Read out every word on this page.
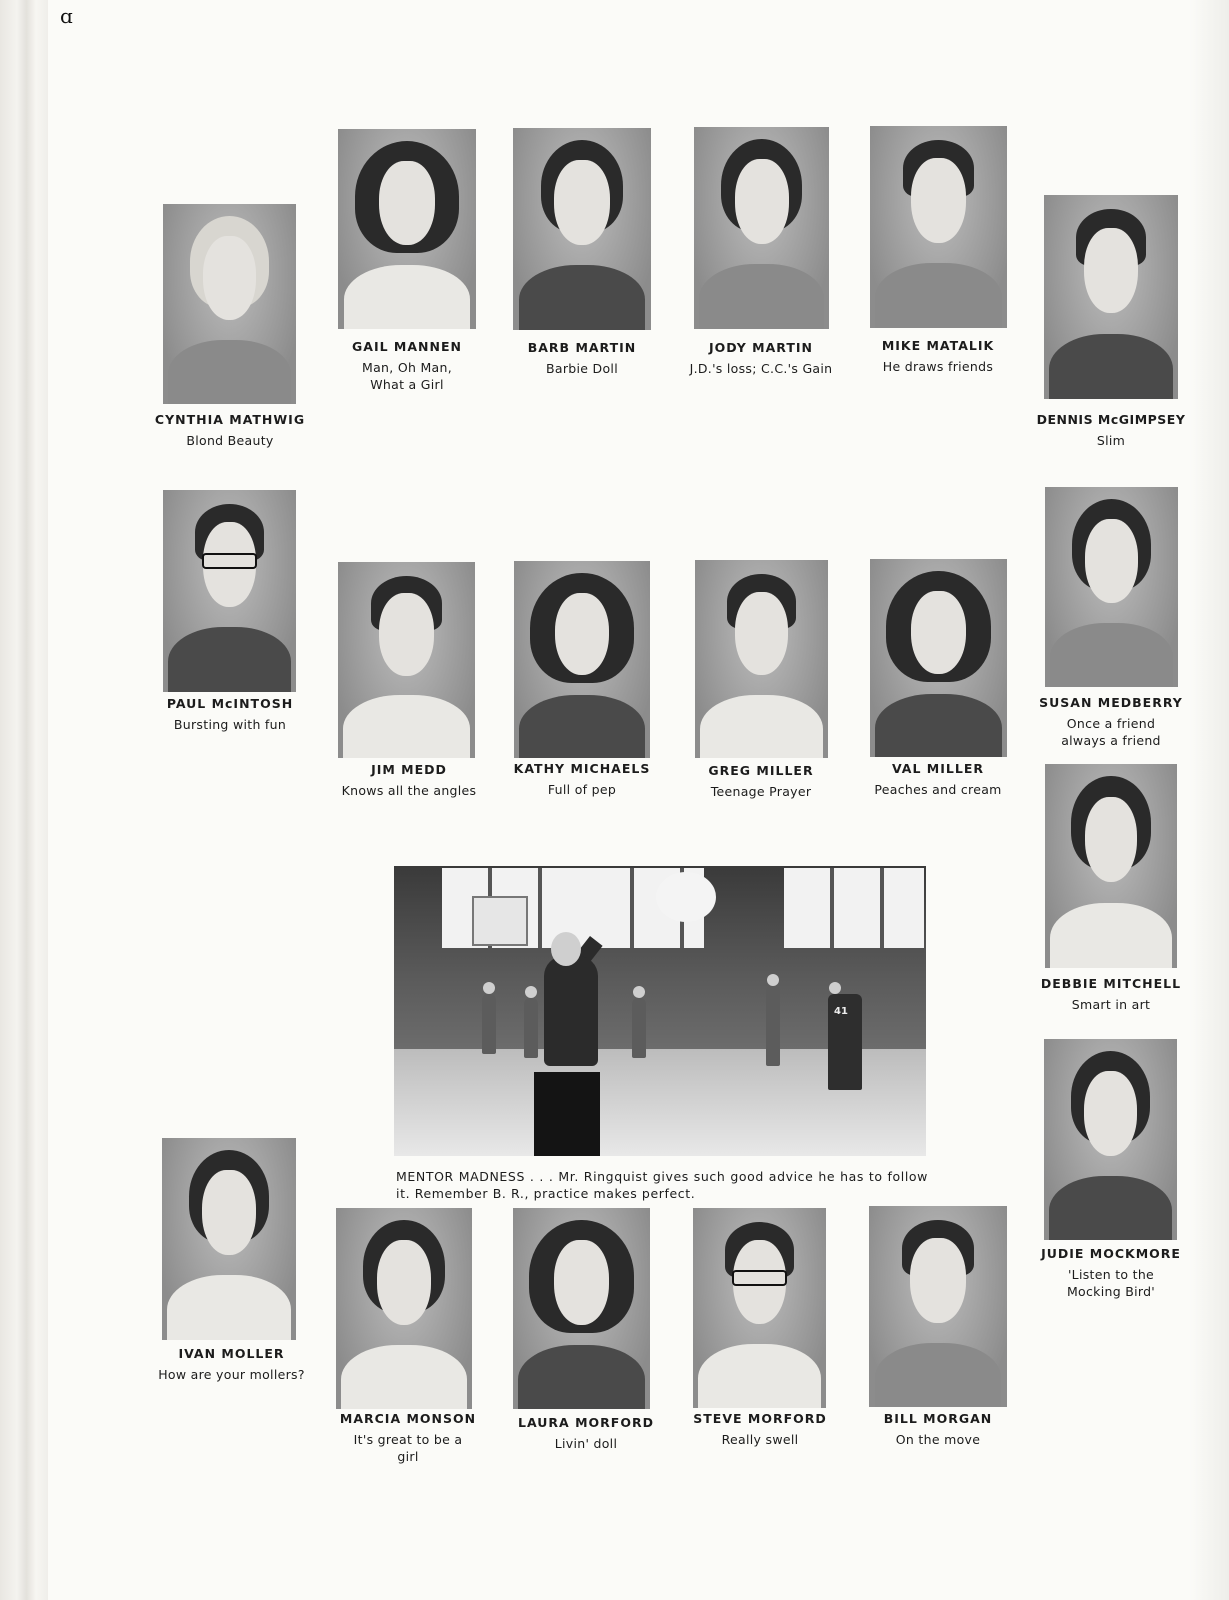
ɑ
CYNTHIA MATHWIG
Blond Beauty
GAIL MANNEN
Man, Oh Man, What a Girl
BARB MARTIN
Barbie Doll
JODY MARTIN
J.D.'s loss; C.C.'s Gain
MIKE MATALIK
He draws friends
DENNIS McGIMPSEY
Slim
PAUL McINTOSH
Bursting with fun
JIM MEDD
Knows all the angles
KATHY MICHAELS
Full of pep
GREG MILLER
Teenage Prayer
VAL MILLER
Peaches and cream
SUSAN MEDBERRY
Once a friend always a friend
DEBBIE MITCHELL
Smart in art
JUDIE MOCKMORE
'Listen to the Mocking Bird'
41
MENTOR MADNESS . . . Mr. Ringquist gives such good advice he has to follow it. Remember B. R., practice makes perfect.
IVAN MOLLER
How are your mollers?
MARCIA MONSON
It's great to be a girl
LAURA MORFORD
Livin' doll
STEVE MORFORD
Really swell
BILL MORGAN
On the move
